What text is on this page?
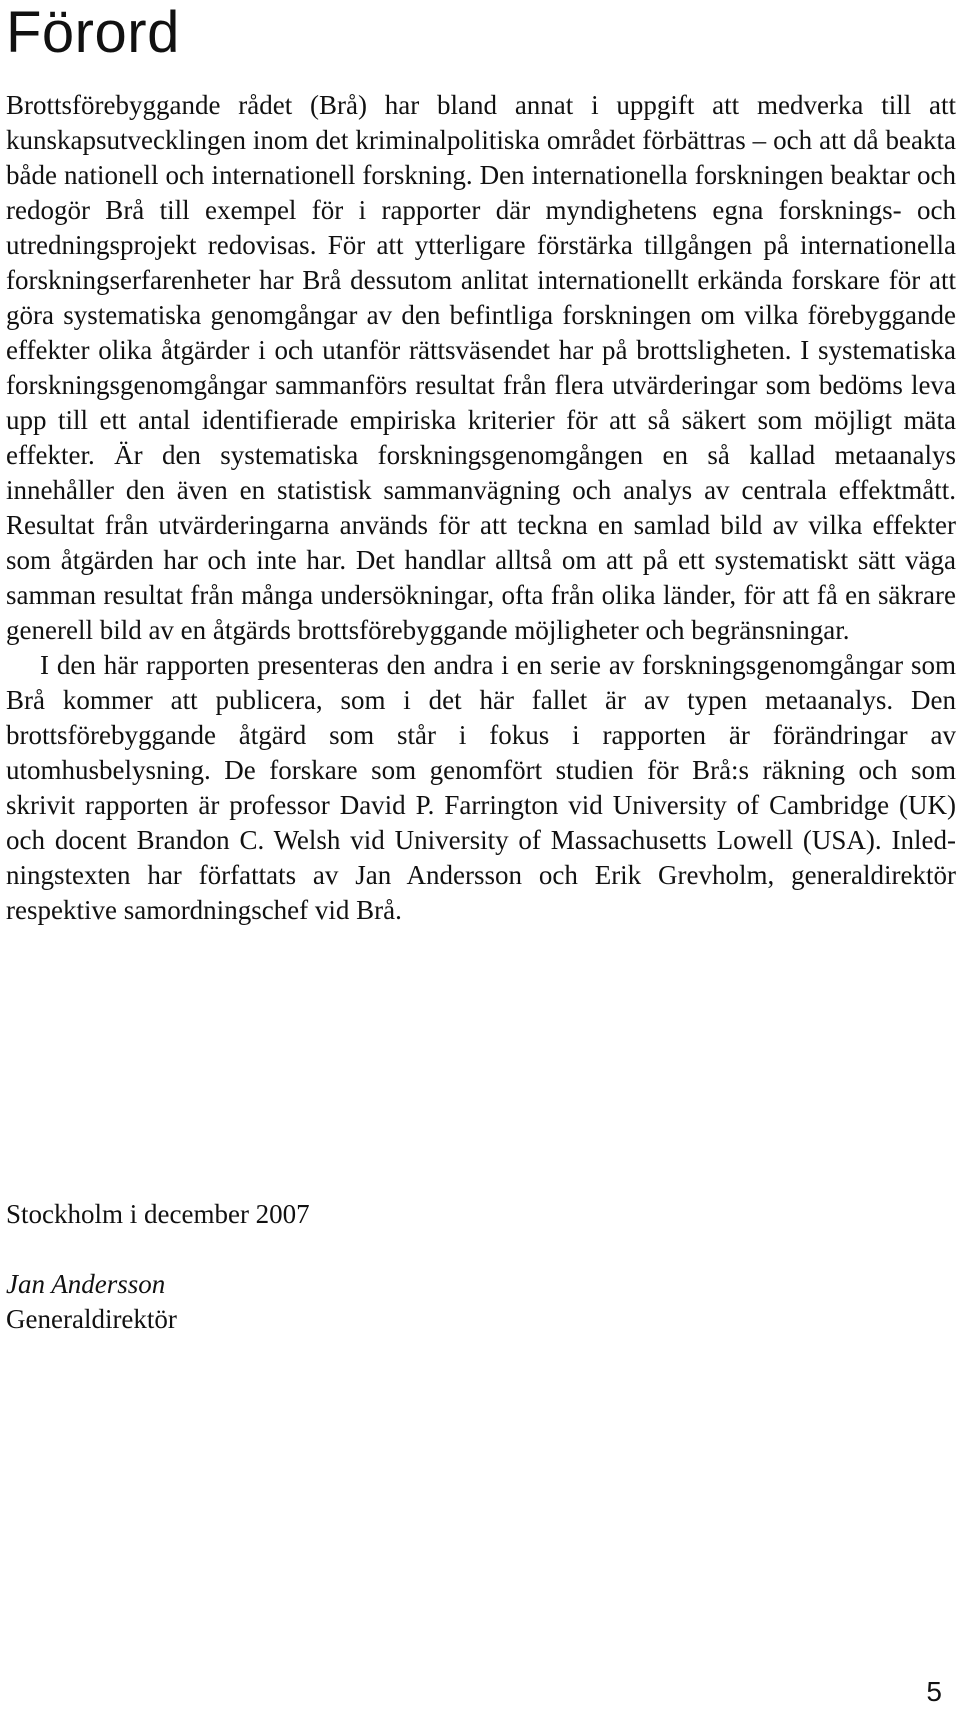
Förord

Brottsförebyggande rådet (Brå) har bland annat i uppgift att medverka till att kunskapsutvecklingen inom det kriminalpolitiska området förbättras – och att då beakta både nationell och internationell forskning. Den internationella forskningen beaktar och redogör Brå till exempel för i rapporter där myndighetens egna forsknings- och utredningsprojekt redovisas. För att ytterligare förstärka tillgången på internationella forskningserfarenheter har Brå dessutom anlitat internationellt erkända forskare för att göra systematiska genomgångar av den befintliga forskningen om vilka förebyggande effekter olika åtgärder i och utanför rättsväsendet har på brottsligheten. I systematiska forskningsgenomgångar sammanförs resultat från flera utvärderingar som bedöms leva upp till ett antal identifierade empiriska kriterier för att så säkert som möjligt mäta effekter. Är den systematiska forskningsgenomgången en så kallad metaanalys innehåller den även en statistisk sammanvägning och analys av centrala effektmått. Resultat från utvärderingarna används för att teckna en samlad bild av vilka effekter som åtgärden har och inte har. Det handlar alltså om att på ett systematiskt sätt väga samman resultat från många undersökningar, ofta från olika länder, för att få en säkrare generell bild av en åtgärds brottsförebyggande möjligheter och begränsningar.

I den här rapporten presenteras den andra i en serie av forskningsgenomgångar som Brå kommer att publicera, som i det här fallet är av typen metaanalys. Den brottsförebyggande åtgärd som står i fokus i rapporten är förändringar av utomhusbelysning. De forskare som genomfört studien för Brå:s räkning och som skrivit rapporten är professor David P. Farrington vid University of Cambridge (UK) och docent Brandon C. Welsh vid University of Massachusetts Lowell (USA). Inledningstexten har författats av Jan Andersson och Erik Grevholm, generaldirektör respektive samordningschef vid Brå.

Stockholm i december 2007

Jan Andersson

Generaldirektör

5
